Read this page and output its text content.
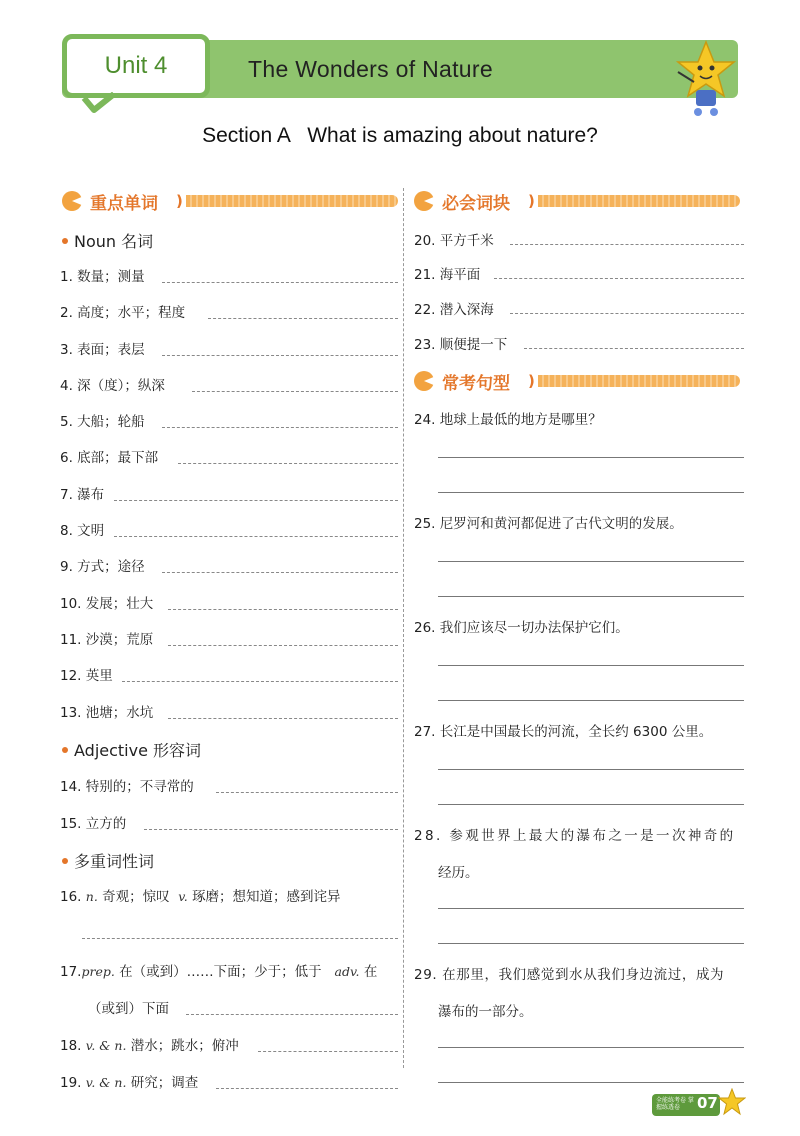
Unit 4	The Wonders of Nature
Section A   What is amazing about nature?
重点单词 )
Noun 名词
1. 数量；测量
2. 高度；水平；程度
3. 表面；表层
4. 深（度）；纵深
5. 大船；轮船
6. 底部；最下部
7. 瀑布
8. 文明
9. 方式；途径
10. 发展；壮大
11. 沙漠；荒原
12. 英里
13. 池塘；水坑
Adjective 形容词
14. 特别的；不寻常的
15. 立方的
多重词性词
16. n. 奇观；惊叹 v. 琢磨；想知道；感到诧异
17.prep. 在（或到）……下面；少于；低于 adv. 在
（或到）下面
18. v. & n. 潜水；跳水；俯冲
19. v. & n. 研究；调查
必会词块 )
20. 平方千米
21. 海平面
22. 潜入深海
23. 顺便提一下
常考句型 )
24. 地球上最低的地方是哪里？
25. 尼罗河和黄河都促进了古代文明的发展。
26. 我们应该尽一切办法保护它们。
27. 长江是中国最长的河流，全长约 6300 公里。
28. 参观世界上最大的瀑布之一是一次神奇的
经历。
29. 在那里，我们感觉到水从我们身边流过，成为
瀑布的一部分。
全能练考卷 掌握练透卷	07
